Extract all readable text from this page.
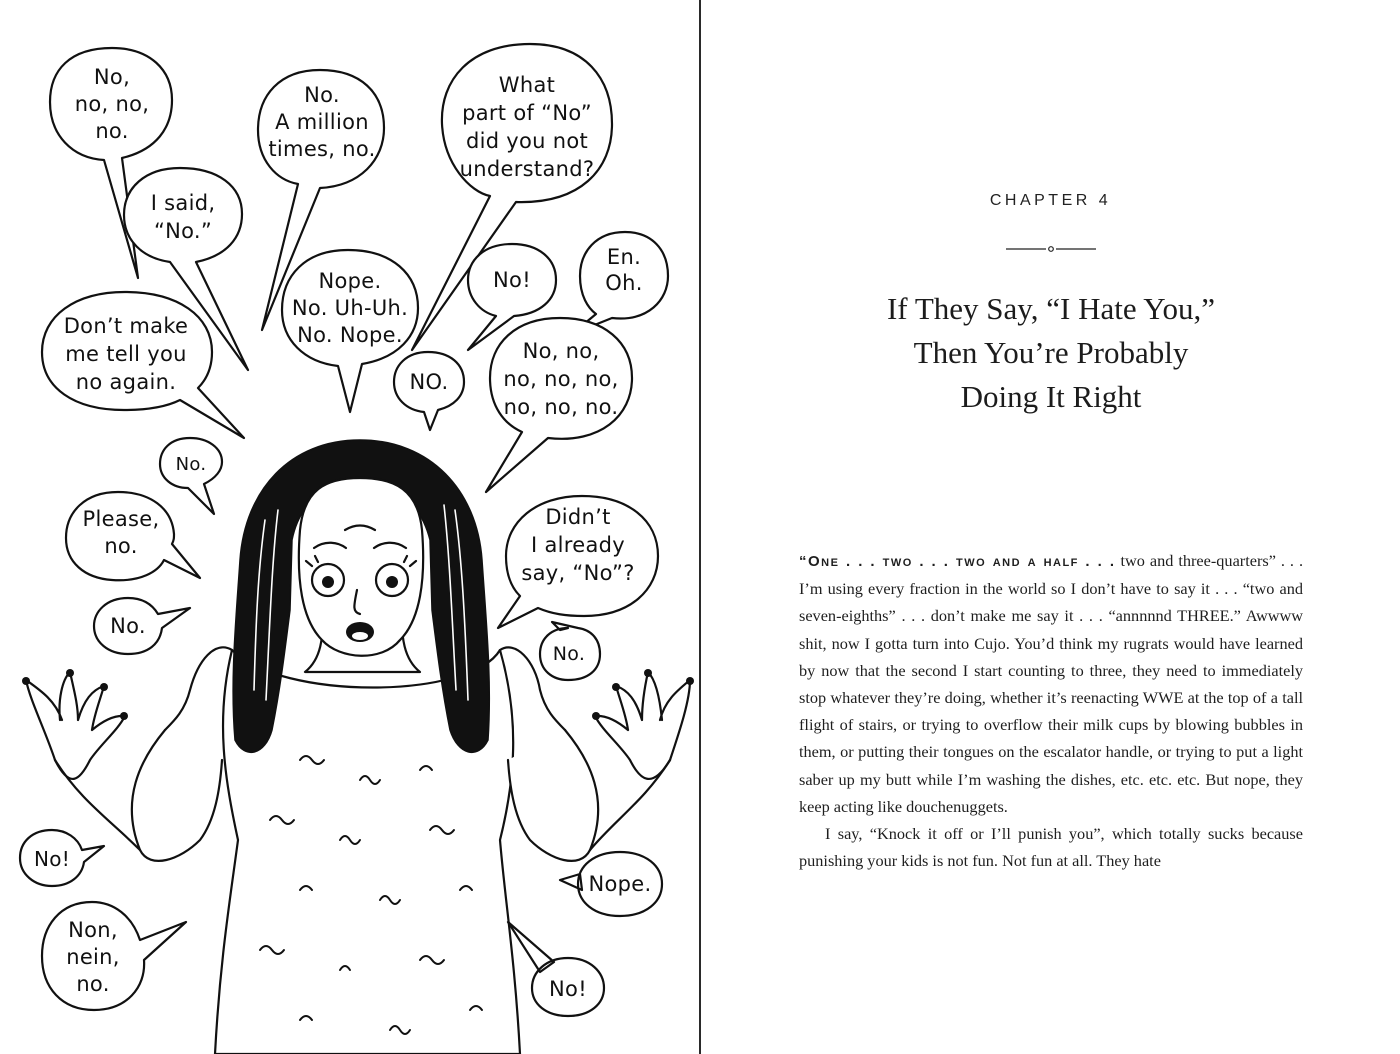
No, no, no, no.
No. A million times, no.
What part of “No” did you not understand?
I said, “No.”
Nope. No. Uh-Uh. No. Nope.
No!
En. Oh.
Don’t make me tell you no again.	NO.
No, no, no, no, no, no, no, no.
No.
Please, no.
Didn’t I already say, “No”?
No.
No.
No!
Nope.
Non, nein, no.	No!
CHAPTER 4
If They Say, “I Hate You,”
Then You’re Probably
Doing It Right

“One . . . two . . . two and a half . . . two and three-quarters” . . . I’m using every fraction in the world so I don’t have to say it . . . “two and seven-eighths” . . . don’t make me say it . . . “annnnnd THREE.” Awwww shit, now I gotta turn into Cujo. You’d think my rugrats would have learned by now that the second I start counting to three, they need to immediately stop whatever they’re doing, whether it’s reenacting WWE at the top of a tall flight of stairs, or trying to overflow their milk cups by blowing bubbles in them, or putting their tongues on the escalator handle, or trying to put a light saber up my butt while I’m washing the dishes, etc. etc. etc. But nope, they keep acting like douchenuggets.

I say, “Knock it off or I’ll punish you”, which totally sucks because punishing your kids is not fun. Not fun at all. They hate
